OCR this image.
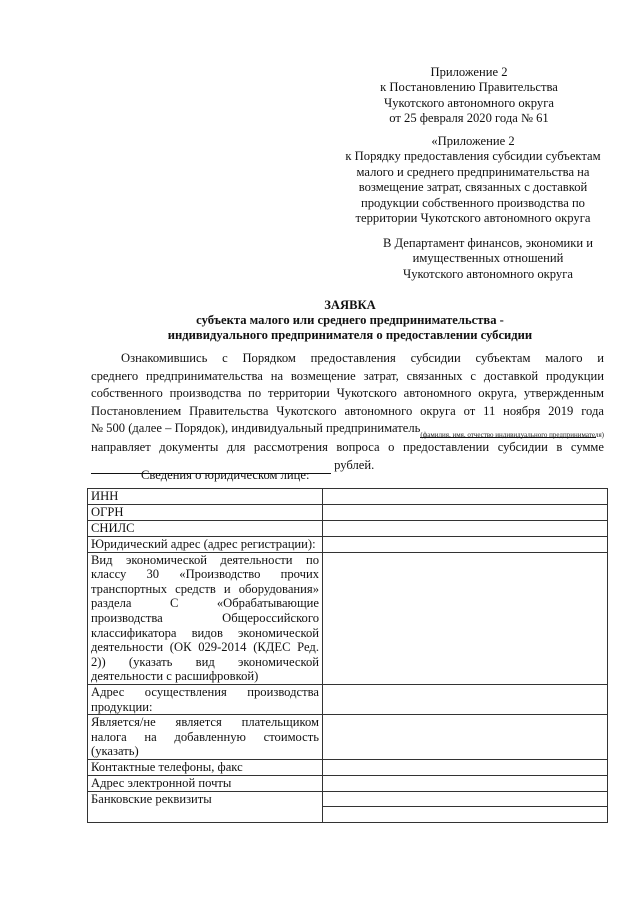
Приложение 2
к Постановлению Правительства
Чукотского автономного округа
от 25 февраля 2020 года № 61
«Приложение 2
к Порядку предоставления субсидии субъектам
малого и среднего предпринимательства на
возмещение затрат, связанных с доставкой
продукции собственного производства по
территории Чукотского автономного округа
В Департамент финансов, экономики и
имущественных отношений
Чукотского автономного округа
ЗАЯВКА
субъекта малого или среднего предпринимательства -
индивидуального предпринимателя о предоставлении субсидии
Ознакомившись с Порядком предоставления субсидии субъектам малого и
среднего предпринимательства на возмещение затрат, связанных с доставкой продукции
собственного производства по территории Чукотского автономного округа, утвержденным
Постановлением Правительства Чукотского автономного округа от 11 ноября 2019 года
№ 500 (далее – Порядок), индивидуальный предприниматель (фамилия, имя, отчество индивидуального предпринимателя)
направляет документы для рассмотрения вопроса о предоставлении субсидии в сумме
рублей.
Сведения о юридическом лице:
ИНН	
ОГРН	
СНИЛС	
Юридический адрес (адрес регистрации):	
Вид экономической деятельности по классу 30 «Производство прочих транспортных средств и оборудования» раздела С «Обрабатывающие производства Общероссийского классификатора видов экономической деятельности (ОК 029-2014 (КДЕС Ред. 2)) (указать вид экономической деятельности с расшифровкой)	
Адрес осуществления производства продукции:	
Является/не является плательщиком налога на добавленную стоимость (указать)	
Контактные телефоны, факс	
Адрес электронной почты	
Банковские реквизиты	
